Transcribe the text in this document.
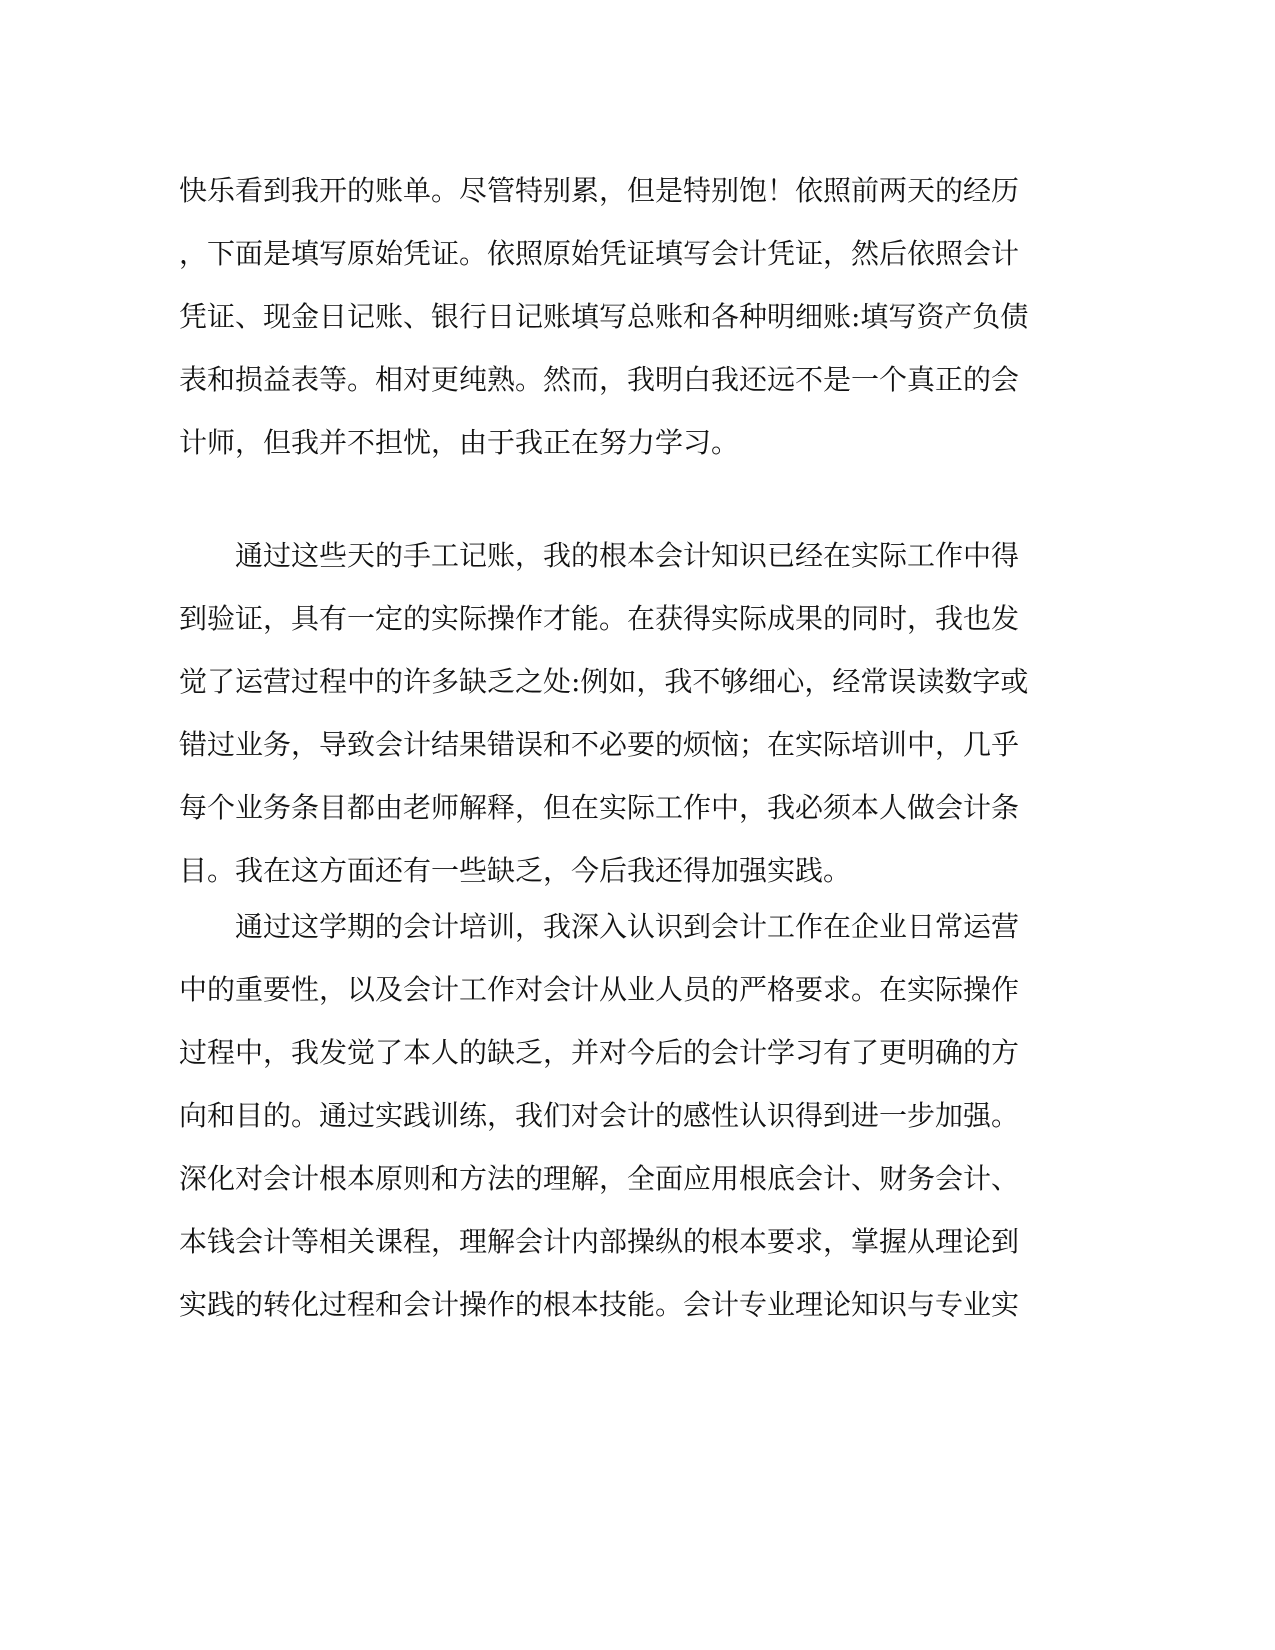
快乐看到我开的账单。尽管特别累，但是特别饱！依照前两天的经历

，下面是填写原始凭证。依照原始凭证填写会计凭证，然后依照会计

凭证、现金日记账、银行日记账填写总账和各种明细账:填写资产负债

表和损益表等。相对更纯熟。然而，我明白我还远不是一个真正的会

计师，但我并不担忧，由于我正在努力学习。

通过这些天的手工记账，我的根本会计知识已经在实际工作中得

到验证，具有一定的实际操作才能。在获得实际成果的同时，我也发

觉了运营过程中的许多缺乏之处:例如，我不够细心，经常误读数字或

错过业务，导致会计结果错误和不必要的烦恼；在实际培训中，几乎

每个业务条目都由老师解释，但在实际工作中，我必须本人做会计条

目。我在这方面还有一些缺乏，今后我还得加强实践。

通过这学期的会计培训，我深入认识到会计工作在企业日常运营

中的重要性，以及会计工作对会计从业人员的严格要求。在实际操作

过程中，我发觉了本人的缺乏，并对今后的会计学习有了更明确的方

向和目的。通过实践训练，我们对会计的感性认识得到进一步加强。

深化对会计根本原则和方法的理解，全面应用根底会计、财务会计、

本钱会计等相关课程，理解会计内部操纵的根本要求，掌握从理论到

实践的转化过程和会计操作的根本技能。会计专业理论知识与专业实
